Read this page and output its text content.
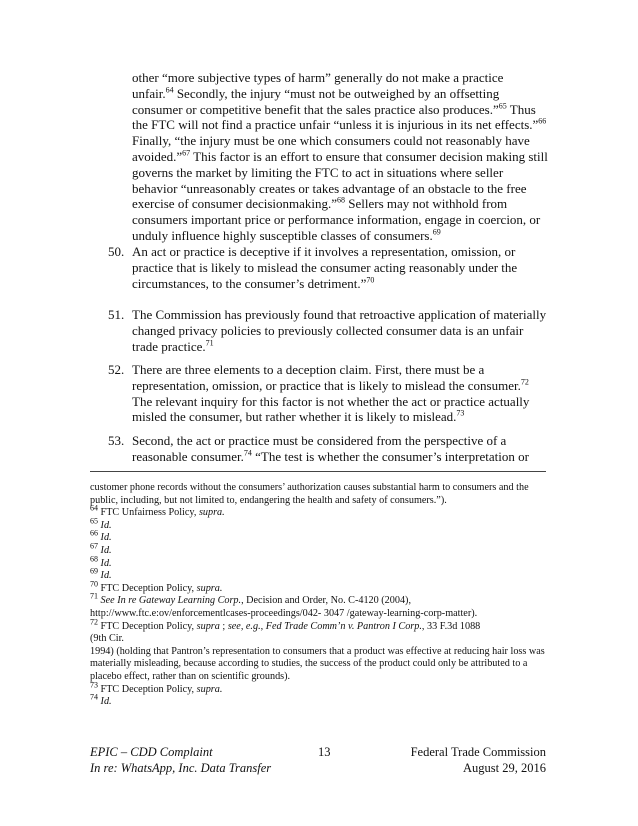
other “more subjective types of harm” generally do not make a practice unfair.$^{64}$ Secondly, the injury “must not be outweighed by an offsetting consumer or competitive benefit that the sales practice also produces.”$^{65}$ Thus the FTC will not find a practice unfair “unless it is injurious in its net effects.”$^{66}$ Finally, “the injury must be one which consumers could not reasonably have avoided.”$^{67}$ This factor is an effort to ensure that consumer decision making still governs the market by limiting the FTC to act in situations where seller behavior “unreasonably creates or takes advantage of an obstacle to the free exercise of consumer decisionmaking.”$^{68}$ Sellers may not withhold from consumers important price or performance information, engage in coercion, or unduly influence highly susceptible classes of consumers.$^{69}$
50. An act or practice is deceptive if it involves a representation, omission, or practice that is likely to mislead the consumer acting reasonably under the circumstances, to the consumer’s detriment.”$^{70}$
51. The Commission has previously found that retroactive application of materially changed privacy policies to previously collected consumer data is an unfair trade practice.$^{71}$
52. There are three elements to a deception claim. First, there must be a representation, omission, or practice that is likely to mislead the consumer.$^{72}$ The relevant inquiry for this factor is not whether the act or practice actually misled the consumer, but rather whether it is likely to mislead.$^{73}$
53. Second, the act or practice must be considered from the perspective of a reasonable consumer.$^{74}$ “The test is whether the consumer’s interpretation or
customer phone records without the consumers’ authorization causes substantial harm to consumers and the public, including, but not limited to, endangering the health and safety of consumers.”).
$^{64}$ FTC Unfairness Policy, supra.
$^{65}$ Id.
$^{66}$ Id.
$^{67}$ Id.
$^{68}$ Id.
$^{69}$ Id.
$^{70}$ FTC Deception Policy, supra.
$^{71}$ See In re Gateway Learning Corp., Decision and Order, No. C-4120 (2004),
http://www.ftc.e:ov/enforcementlcases-proceedings/042- 3047 /gateway-learning-corp-matter).
$^{72}$ FTC Deception Policy, supra ; see, e.g., Fed Trade Comm’n v. Pantron I Corp., 33 F.3d 1088
(9th Cir.
1994) (holding that Pantron’s representation to consumers that a product was effective at reducing hair loss was materially misleading, because according to studies, the success of the product could only be attributed to a placebo effect, rather than on scientific grounds).
$^{73}$ FTC Deception Policy, supra.
$^{74}$ Id.
EPIC – CDD Complaint
In re: WhatsApp, Inc. Data Transfer
13	Federal Trade Commission
August 29, 2016
